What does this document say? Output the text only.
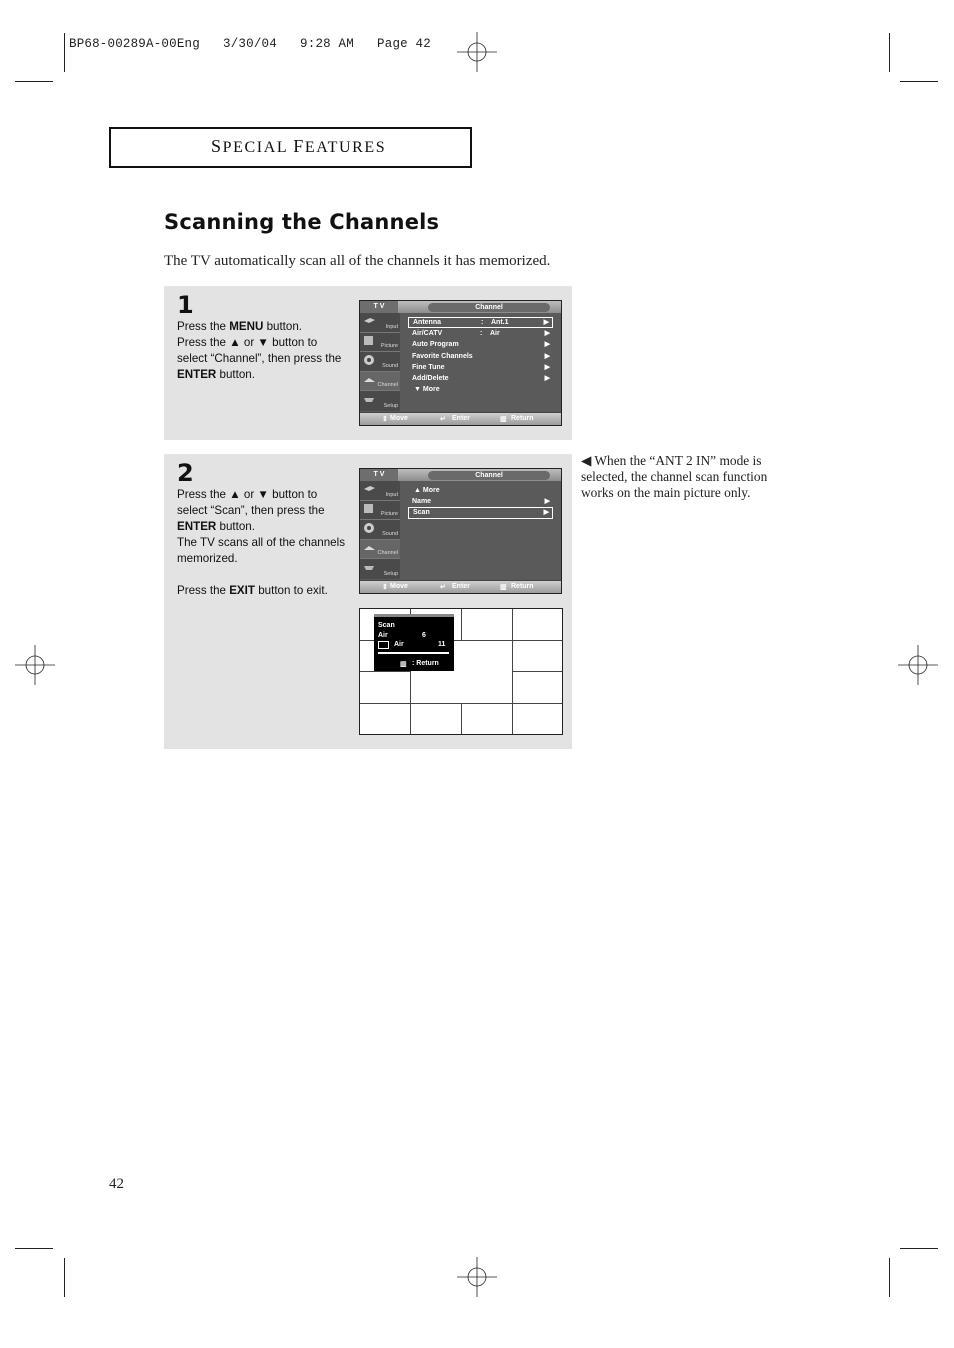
BP68-00289A-00Eng   3/30/04   9:28 AM   Page 42
SPECIAL FEATURES
Scanning the Channels
The TV automatically scan all of the channels it has memorized.
1

Press the MENU button.

Press the ▲ or ▼ button to

select “Channel”, then press the

ENTER button.

T V	Channel
Input
Picture
Sound
Channel
Setup
Antenna	: Ant.1	▶
Air/CATV	: Air	▶
Auto Program	▶
Favorite Channels	▶
Fine Tune	▶
Add/Delete	▶
▼ More
⇕ Move	↵ Enter	▥ Return
2

Press the ▲ or ▼ button to

select “Scan”, then press the

ENTER button.

The TV scans all of the channels

memorized.

Press the EXIT button to exit.

T V	Channel
Input
Picture
Sound
Channel
Setup
▲ More
Name	▶
Scan	▶
⇕ Move	↵ Enter	▥ Return
Scan
Air	6
Air	11
▥ : Return
◀ When the “ANT 2 IN” mode is selected, the channel scan function works on the main picture only.
42
